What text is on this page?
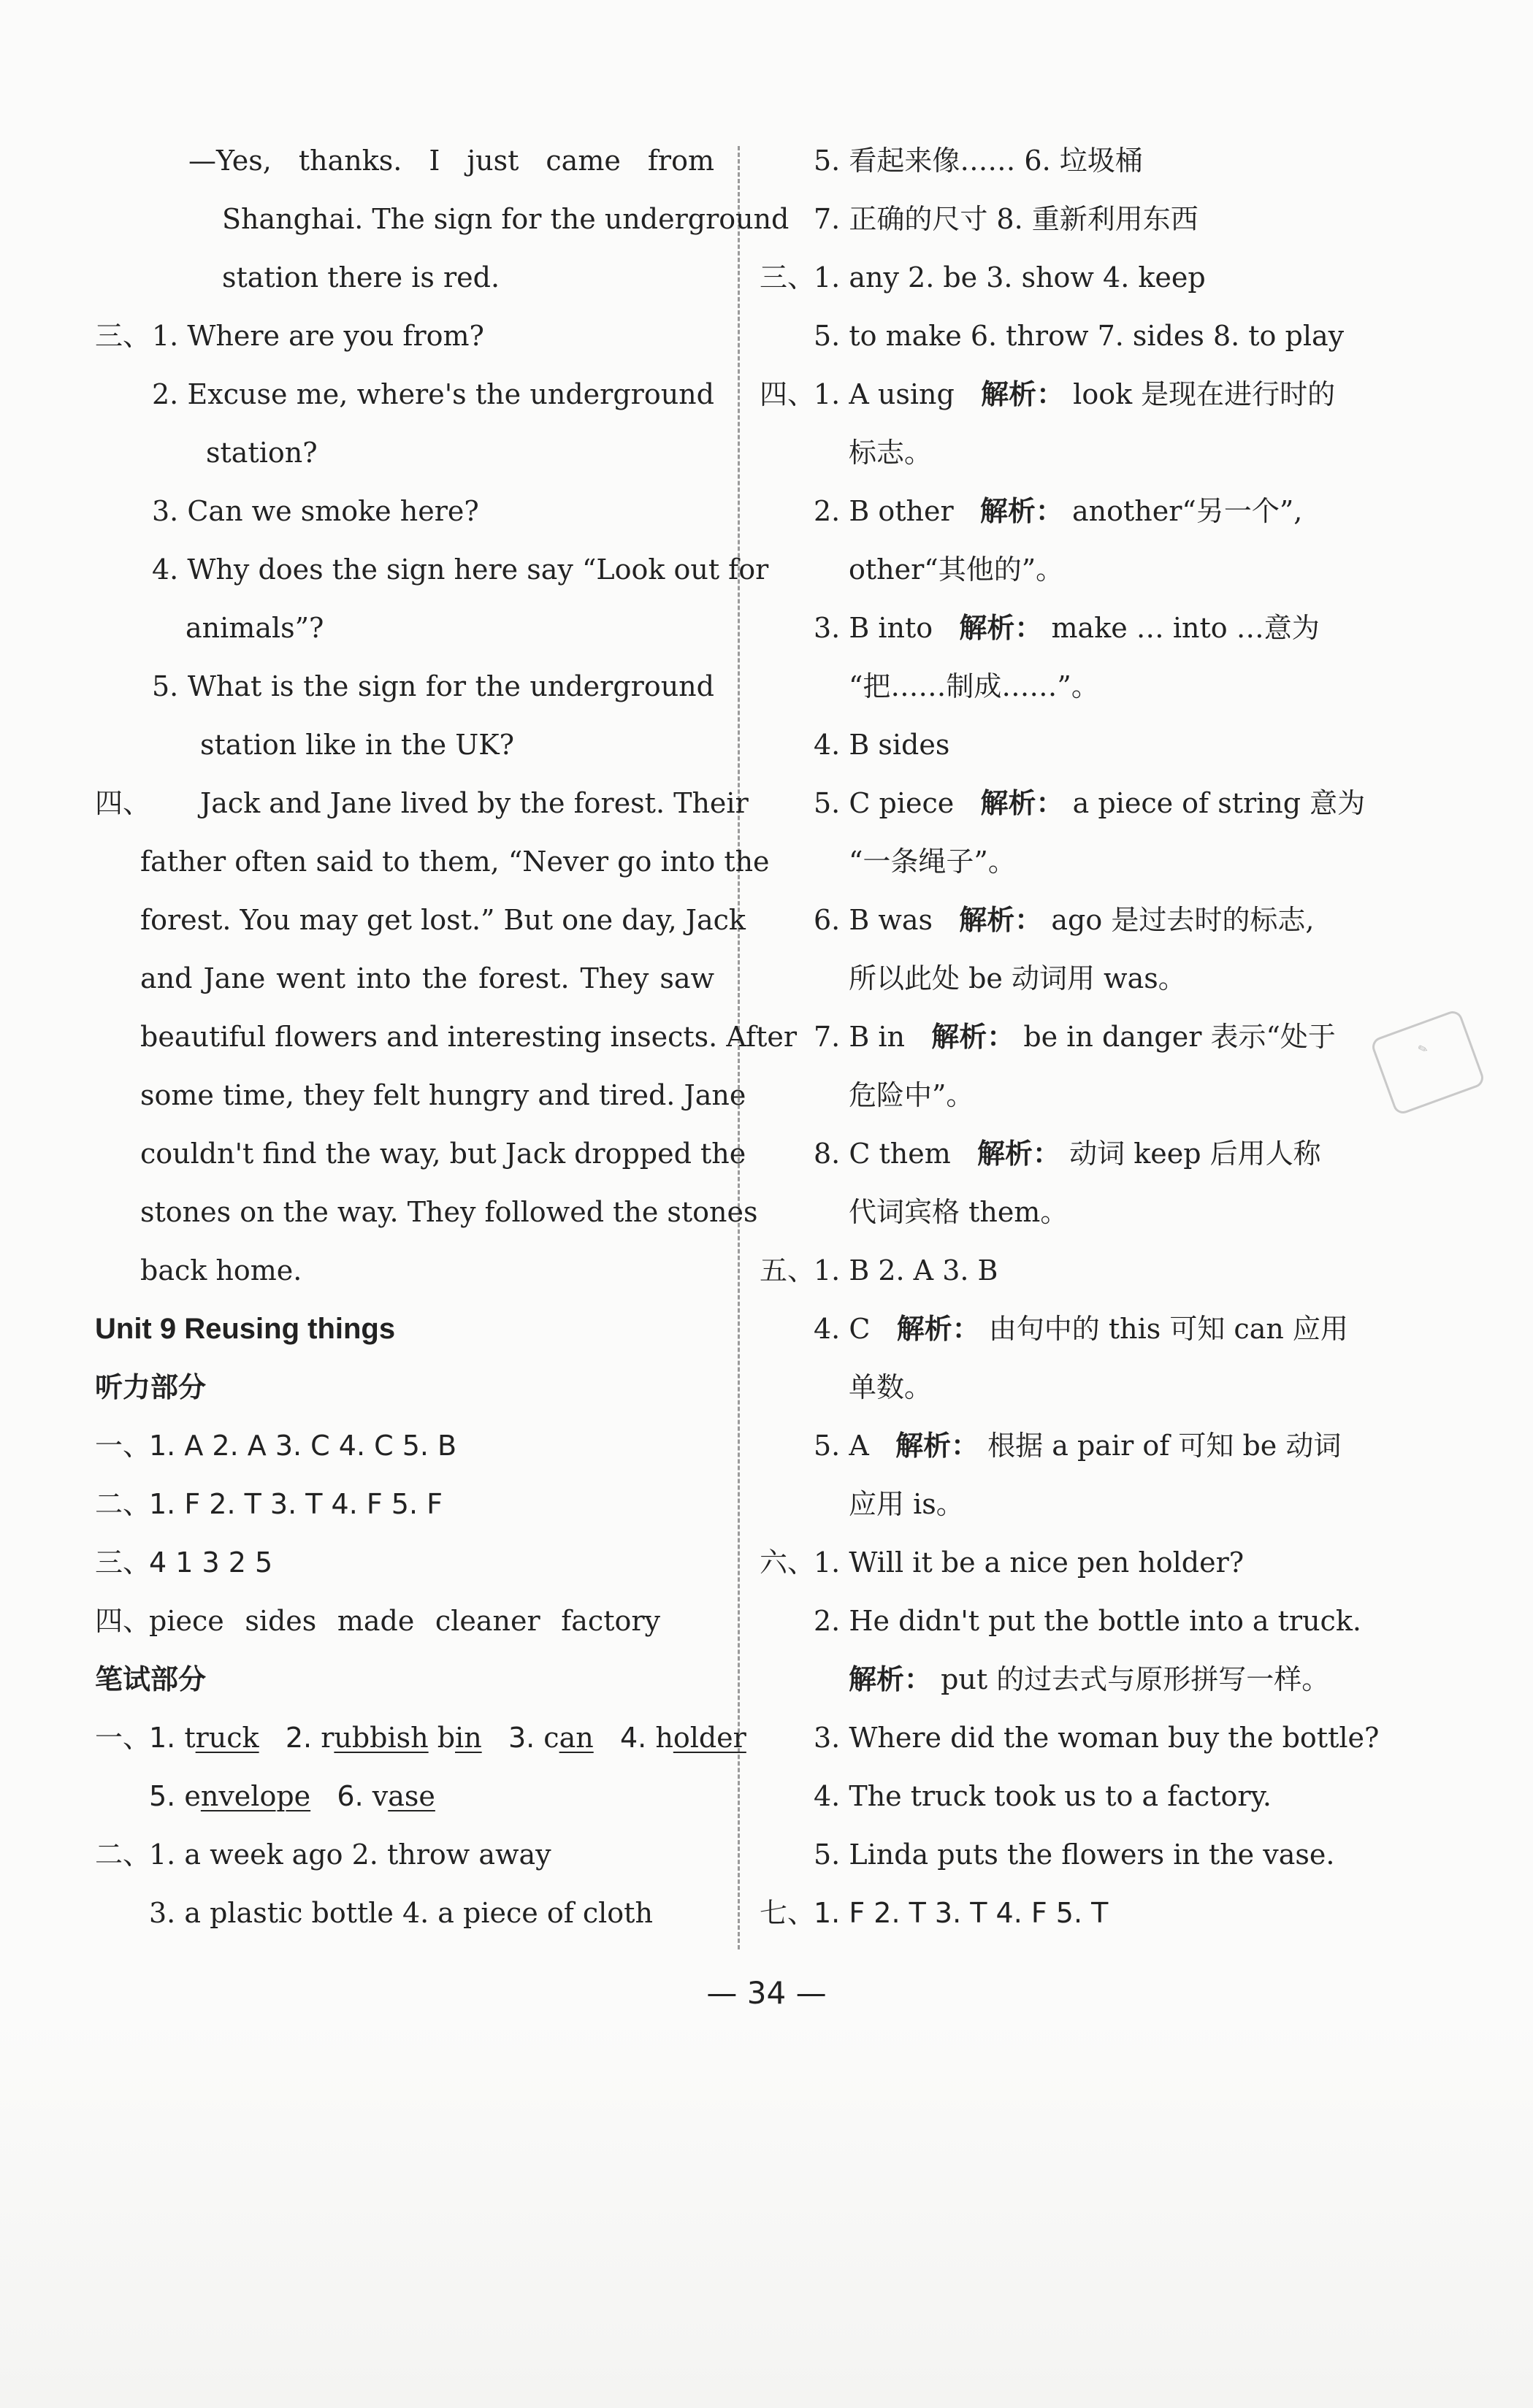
—Yes, thanks. I just came from
Shanghai. The sign for the underground
station there is red.
三、 1. Where are you from?
2. Excuse me, where's the underground
station?
3. Can we smoke here?
4. Why does the sign here say “Look out for
animals”?
5. What is the sign for the underground
station like in the UK?
四、 Jack and Jane lived by the forest. Their
father often said to them, “Never go into the
forest. You may get lost.” But one day, Jack
and Jane went into the forest. They saw
beautiful flowers and interesting insects. After
some time, they felt hungry and tired. Jane
couldn't find the way, but Jack dropped the
stones on the way. They followed the stones
back home.
Unit 9 Reusing things
听力部分
一、
1. A 2. A 3. C 4. C 5. B
二、
1. F 2. T 3. T 4. F 5. F
三、
4 1 3 2 5
四、
piece sides made cleaner factory
笔试部分
一、
1. truck 2. rubbish bin 3. can 4. holder
5. envelope 6. vase
二、
1. a week ago 2. throw away
3. a plastic bottle 4. a piece of cloth
5. 看起来像…… 6. 垃圾桶
7. 正确的尺寸 8. 重新利用东西
三、
1. any 2. be 3. show 4. keep
5. to make 6. throw 7. sides 8. to play
四、
1. A using 解析： look 是现在进行时的
标志。
2. B other 解析： another“另一个”,
other“其他的”。
3. B into 解析： make … into …意为
“把……制成……”。
4. B sides
5. C piece 解析： a piece of string 意为
“一条绳子”。
6. B was 解析： ago 是过去时的标志,
所以此处 be 动词用 was。
7. B in 解析： be in danger 表示“处于
危险中”。
8. C them 解析： 动词 keep 后用人称
代词宾格 them。
五、
1. B 2. A 3. B
4. C 解析： 由句中的 this 可知 can 应用
单数。
5. A 解析： 根据 a pair of 可知 be 动词
应用 is。
六、
1. Will it be a nice pen holder?
2. He didn't put the bottle into a truck.
解析： put 的过去式与原形拼写一样。
3. Where did the woman buy the bottle?
4. The truck took us to a factory.
5. Linda puts the flowers in the vase.
七、
1. F 2. T 3. T 4. F 5. T
✎
— 34 —
